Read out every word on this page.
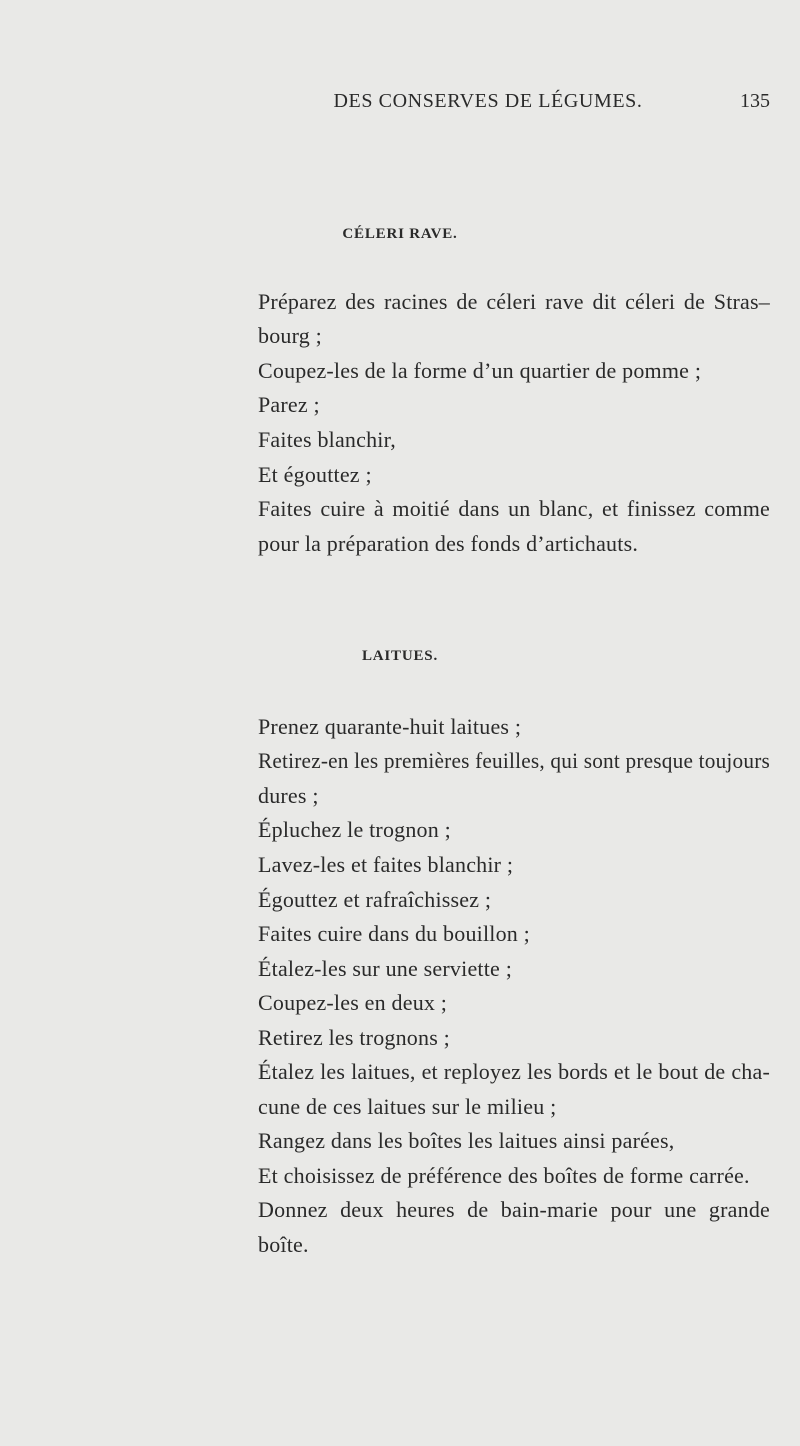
DES CONSERVES DE LÉGUMES.	135
CÉLERI RAVE.
Préparez des racines de céleri rave dit céleri de Stras–
bourg ;
Coupez-les de la forme d’un quartier de pomme ;
Parez ;
Faites blanchir,
Et égouttez ;
Faites cuire à moitié dans un blanc, et finissez comme
pour la préparation des fonds d’artichauts.
LAITUES.
Prenez quarante-huit laitues ;
Retirez-en les premières feuilles, qui sont presque toujours
dures ;
Épluchez le trognon ;
Lavez-les et faites blanchir ;
Égouttez et rafraîchissez ;
Faites cuire dans du bouillon ;
Étalez-les sur une serviette ;
Coupez-les en deux ;
Retirez les trognons ;
Étalez les laitues, et reployez les bords et le bout de cha-
cune de ces laitues sur le milieu ;
Rangez dans les boîtes les laitues ainsi parées,
Et choisissez de préférence des boîtes de forme carrée.
Donnez deux heures de bain-marie pour une grande
boîte.
